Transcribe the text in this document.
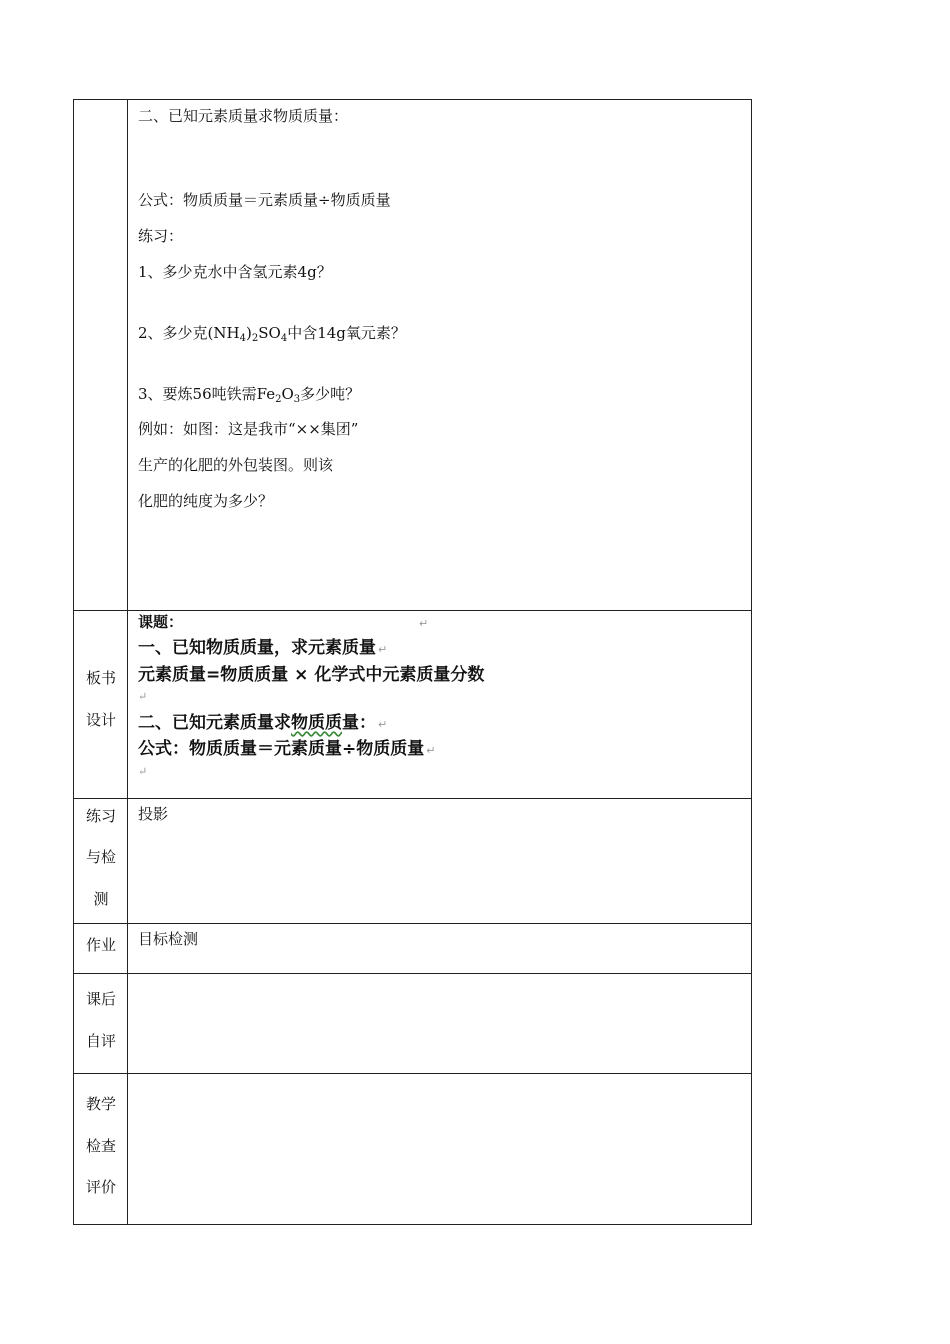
二、已知元素质量求物质质量：
公式：物质质量＝元素质量÷物质质量
练习：
1、多少克水中含氢元素4g？
2、多少克$(NH_4)_2SO_4$中含14g氧元素？
3、要炼56吨铁需$Fe_2O_3$多少吨？
例如：如图：这是我市“××集团”
生产的化肥的外包装图。则该
化肥的纯度为多少？
板书
设计
课题：	↵
一、已知物质质量，求元素质量 ↵
元素质量=物质质量 × 化学式中元素质量分数
↵
二、已知元素质量求物质质量： ↵
公式：物质质量＝元素质量÷物质质量 ↵
↵
练习
与检
测
投影
作业	目标检测
课后
自评
教学
检查
评价
